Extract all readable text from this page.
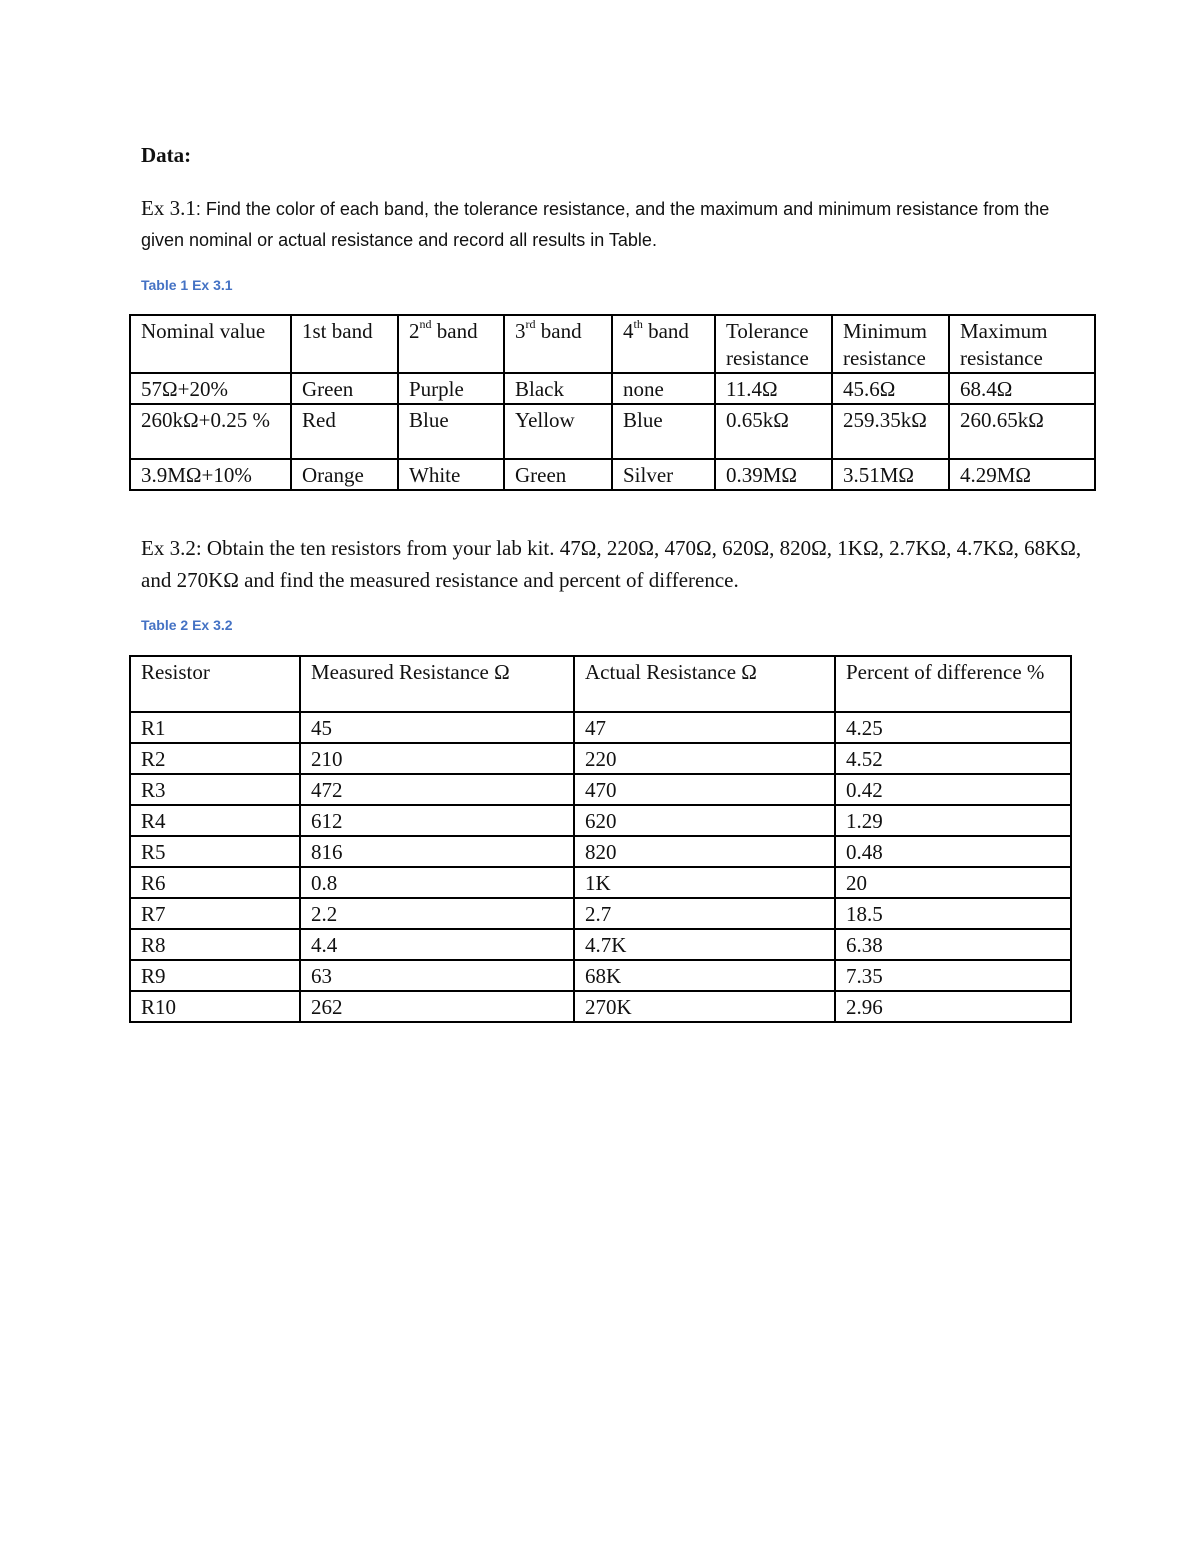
Data:
Ex 3.1: Find the color of each band, the tolerance resistance, and the maximum and minimum resistance from the given nominal or actual resistance and record all results in Table.
Table 1 Ex 3.1
Nominal value	1st band	2nd band	3rd band	4th band	Tolerance resistance	Minimum resistance	Maximum resistance
57Ω+20%	Green	Purple	Black	none	11.4Ω	45.6Ω	68.4Ω
260kΩ+0.25 %	Red	Blue	Yellow	Blue	0.65kΩ	259.35kΩ	260.65kΩ
3.9MΩ+10%	Orange	White	Green	Silver	0.39MΩ	3.51MΩ	4.29MΩ
Ex 3.2: Obtain the ten resistors from your lab kit. 47Ω, 220Ω, 470Ω, 620Ω, 820Ω, 1KΩ, 2.7KΩ, 4.7KΩ, 68KΩ, and 270KΩ and find the measured resistance and percent of difference.
Table 2 Ex 3.2
Resistor	Measured Resistance Ω	Actual Resistance Ω	Percent of difference %
R1	45	47	4.25
R2	210	220	4.52
R3	472	470	0.42
R4	612	620	1.29
R5	816	820	0.48
R6	0.8	1K	20
R7	2.2	2.7	18.5
R8	4.4	4.7K	6.38
R9	63	68K	7.35
R10	262	270K	2.96
